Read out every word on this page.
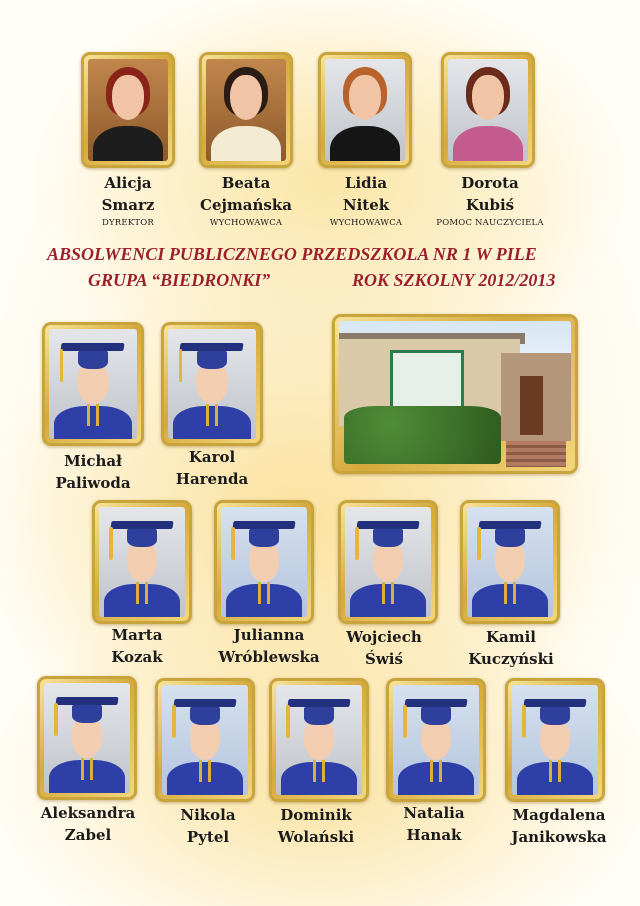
Alicja
Smarz
DYREKTOR
Beata
Cejmańska
WYCHOWAWCA
Lidia
Nitek
WYCHOWAWCA
Dorota
Kubiś
POMOC NAUCZYCIELA
ABSOLWENCI PUBLICZNEGO PRZEDSZKOLA NR 1 W PILE
GRUPA “BIEDRONKI”	ROK SZKOLNY 2012/2013
Michał
Paliwoda
Karol
Harenda
Marta
Kozak
Julianna
Wróblewska
Wojciech
Świś
Kamil
Kuczyński
Aleksandra
Zabel
Nikola
Pytel
Dominik
Wolański
Natalia
Hanak
Magdalena
Janikowska
